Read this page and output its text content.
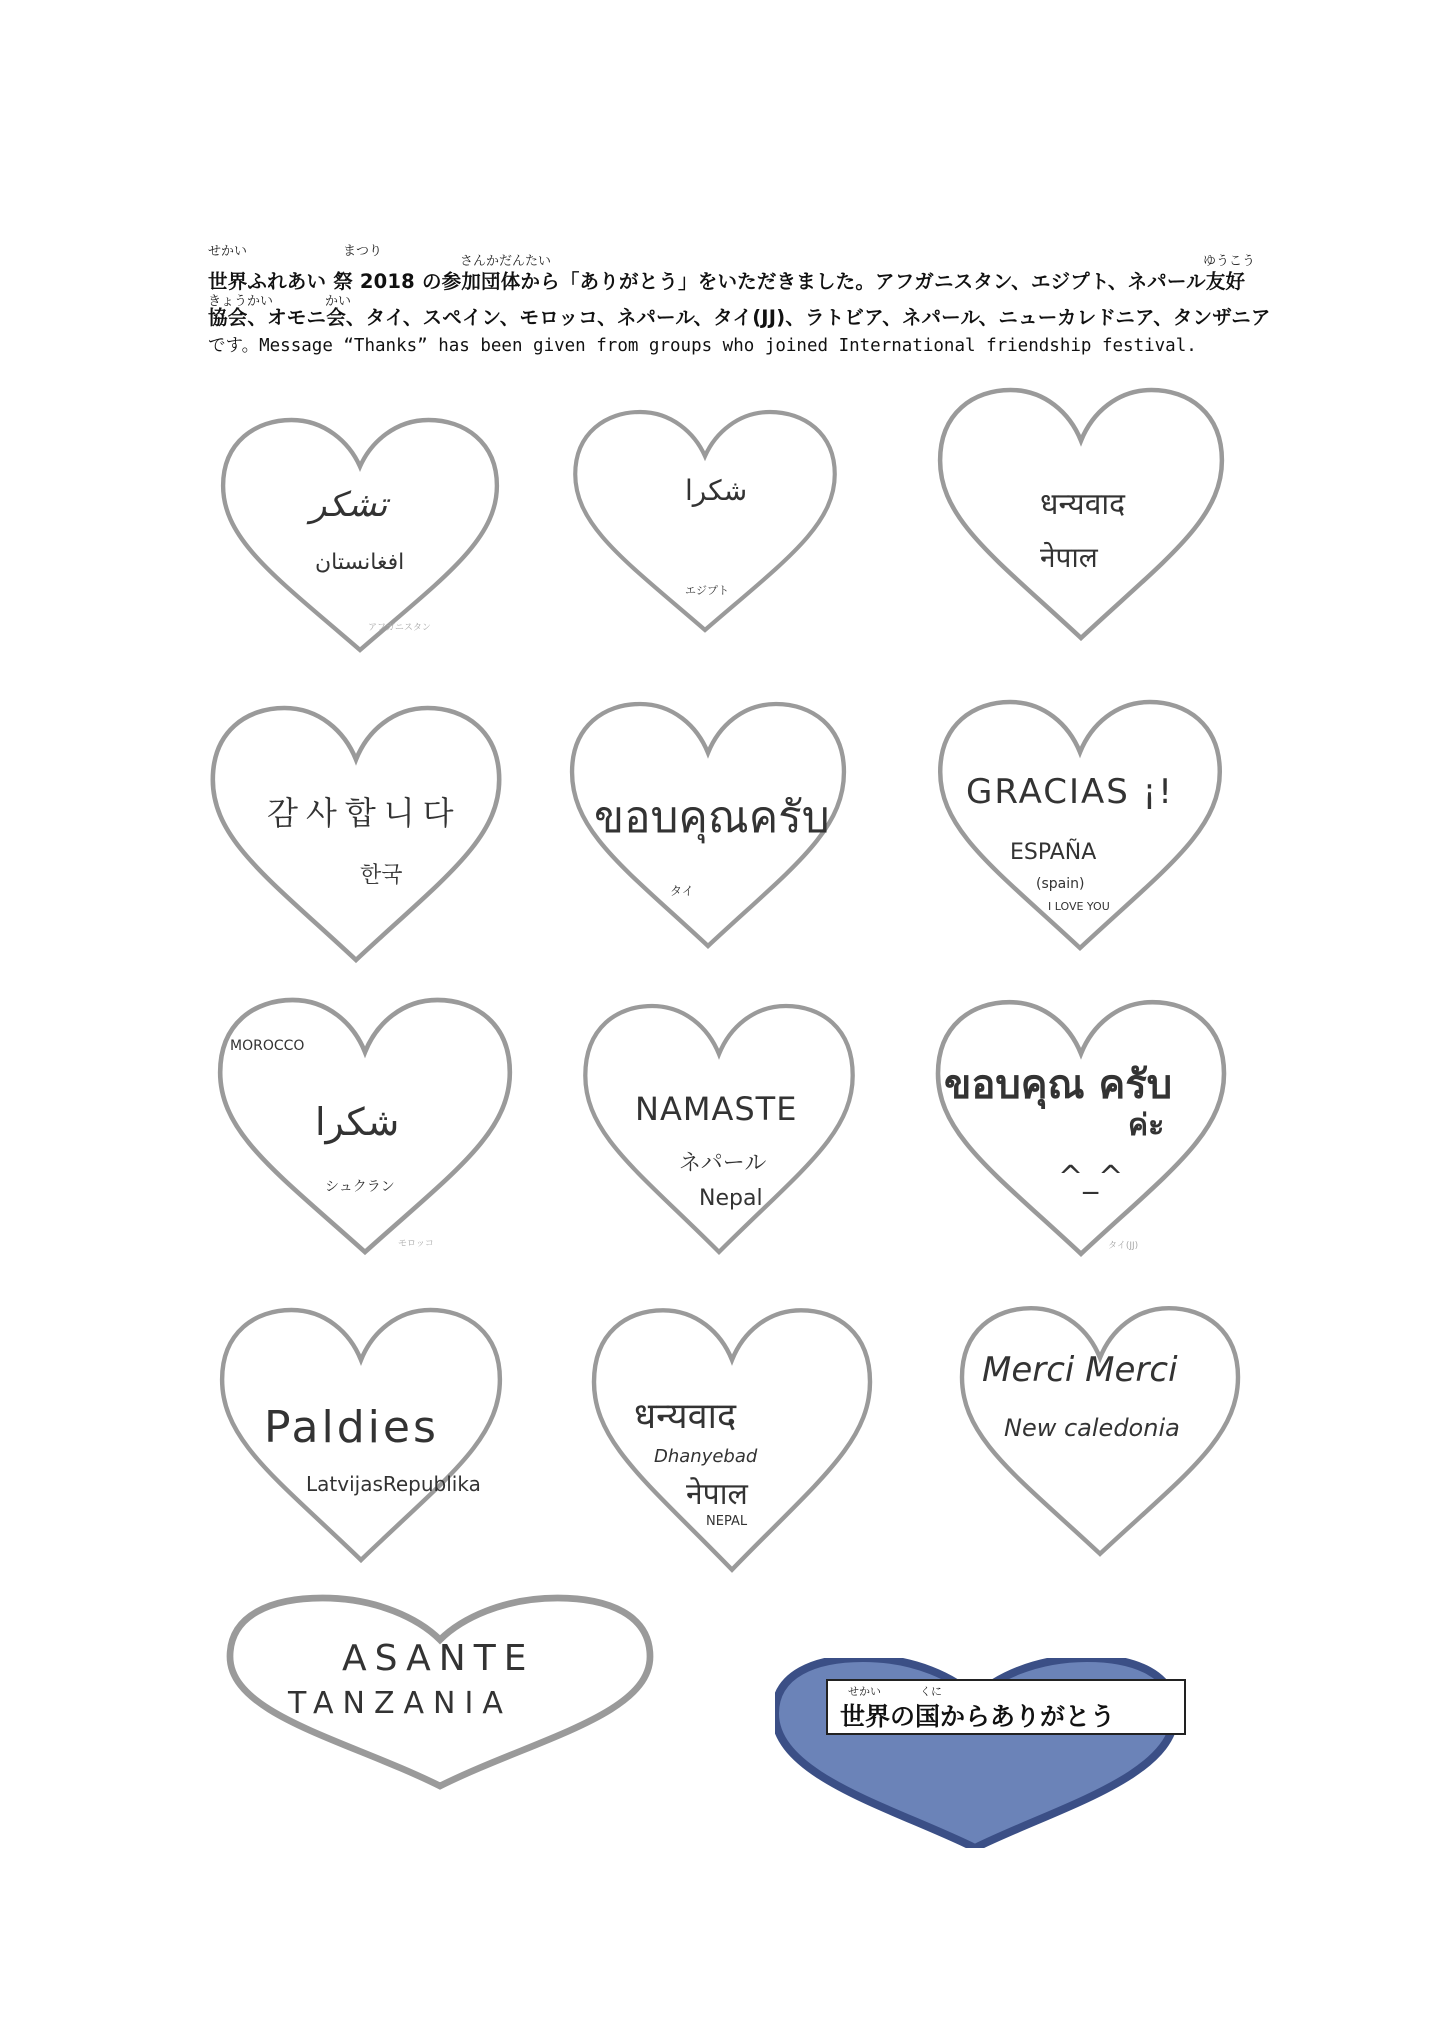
せかい	まつり
さんかだんたい	ゆうこう
世界ふれあい 祭 2018 の参加団体から「ありがとう」をいただきました。アフガニスタン、エジプト、ネパール友好
きょうかい	かい
協会、オモニ会、タイ、スペイン、モロッコ、ネパール、タイ(JJ)、ラトビア、ネパール、ニューカレドニア、タンザニア
です。Message “Thanks” has been given from groups who joined International friendship festival.
تشکر
افغانستان
アフガニスタン
شكرا
エジプト
धन्यवाद
नेपाल
감사합니다
한국
ขอบคุณครับ
タイ
GRACIAS ¡!
ESPAÑA
(spain)
I LOVE YOU
MOROCCO
شكرا
シュクラン
モロッコ
NAMASTE
ネパール
Nepal
ขอบคุณ ครับ
ค่ะ
^_^
タイ(JJ)
Paldies
LatvijasRepublika
धन्यवाद
Dhanyebad
नेपाल
NEPAL
Merci Merci
New caledonia
ASANTE
TANZANIA	せかい	くに
世界の国からありがとう
